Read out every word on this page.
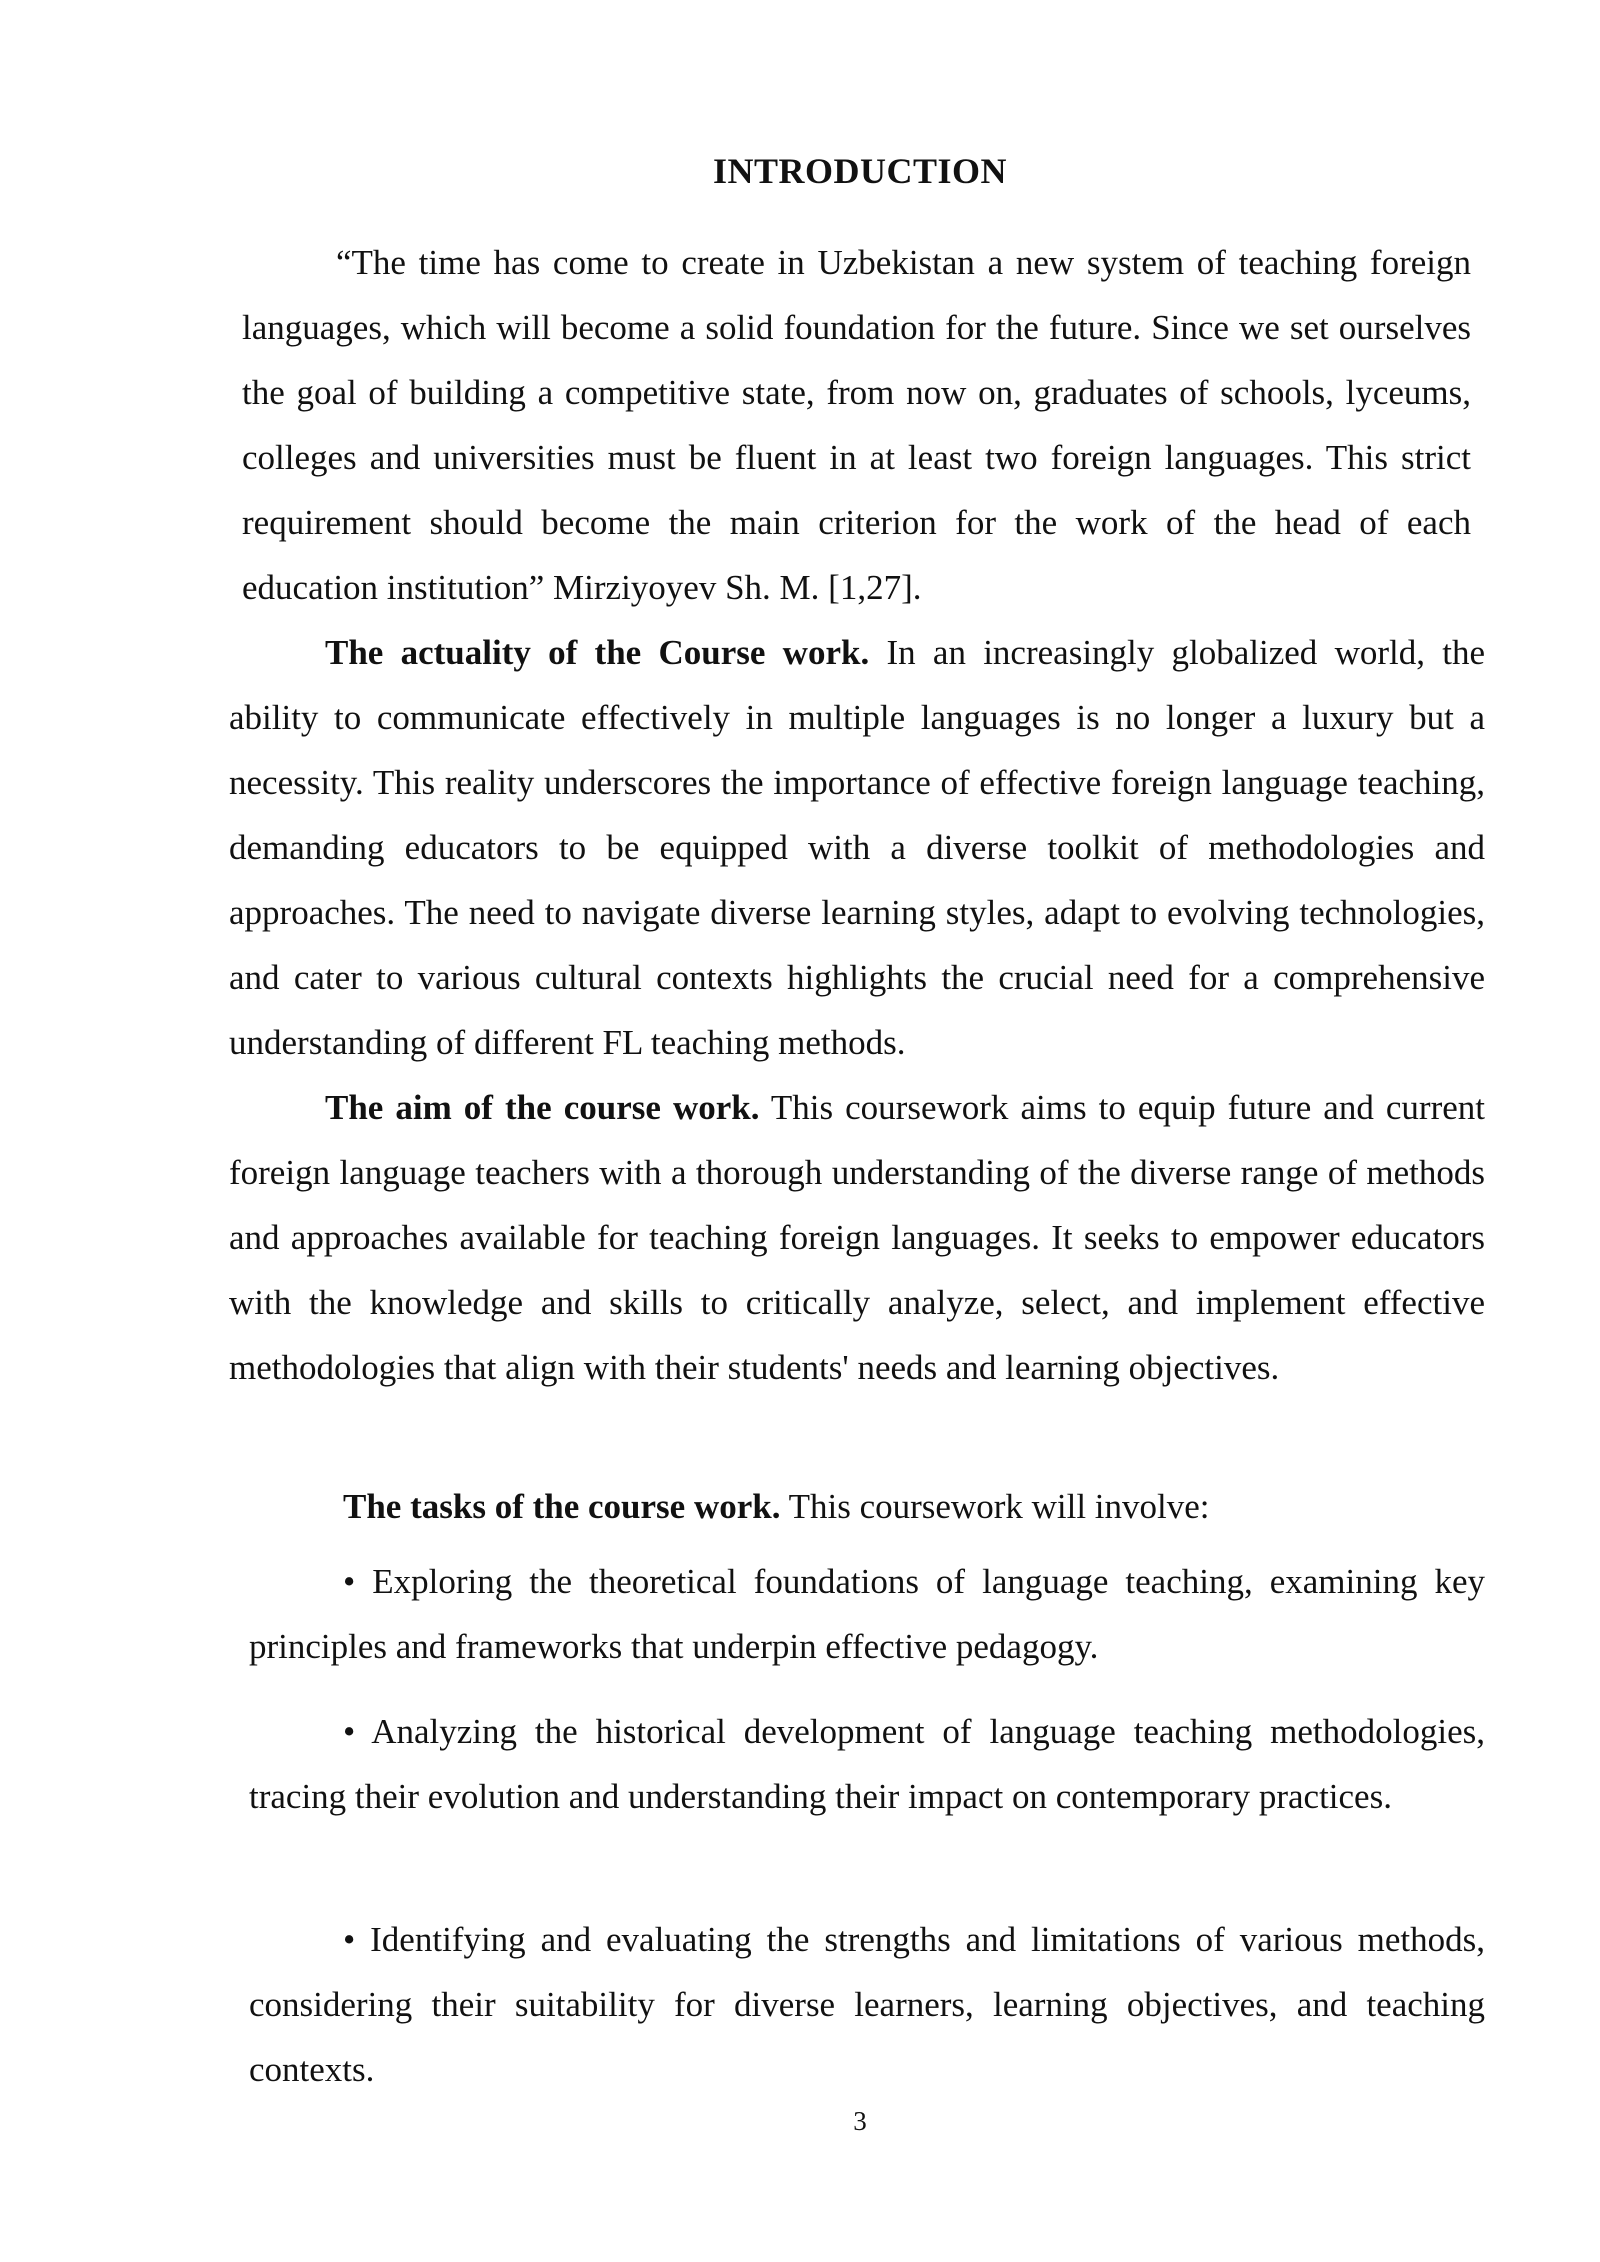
INTRODUCTION

“The time has come to create in Uzbekistan a new system of teaching foreign languages, which will become a solid foundation for the future. Since we set ourselves the goal of building a competitive state, from now on, graduates of schools, lyceums, colleges and universities must be fluent in at least two foreign languages. This strict requirement should become the main criterion for the work of the head of each education institution” Mirziyoyev Sh. M. [1,27].

The actuality of the Course work. In an increasingly globalized world, the ability to communicate effectively in multiple languages is no longer a luxury but a necessity. This reality underscores the importance of effective foreign language teaching, demanding educators to be equipped with a diverse toolkit of methodologies and approaches. The need to navigate diverse learning styles, adapt to evolving technologies, and cater to various cultural contexts highlights the crucial need for a comprehensive understanding of different FL teaching methods.

The aim of the course work. This coursework aims to equip future and current foreign language teachers with a thorough understanding of the diverse range of methods and approaches available for teaching foreign languages. It seeks to empower educators with the knowledge and skills to critically analyze, select, and implement effective methodologies that align with their students' needs and learning objectives.

The tasks of the course work. This coursework will involve:

• Exploring the theoretical foundations of language teaching, examining key principles and frameworks that underpin effective pedagogy.

• Analyzing the historical development of language teaching methodologies, tracing their evolution and understanding their impact on contemporary practices.

• Identifying and evaluating the strengths and limitations of various methods, considering their suitability for diverse learners, learning objectives, and teaching contexts.

3
